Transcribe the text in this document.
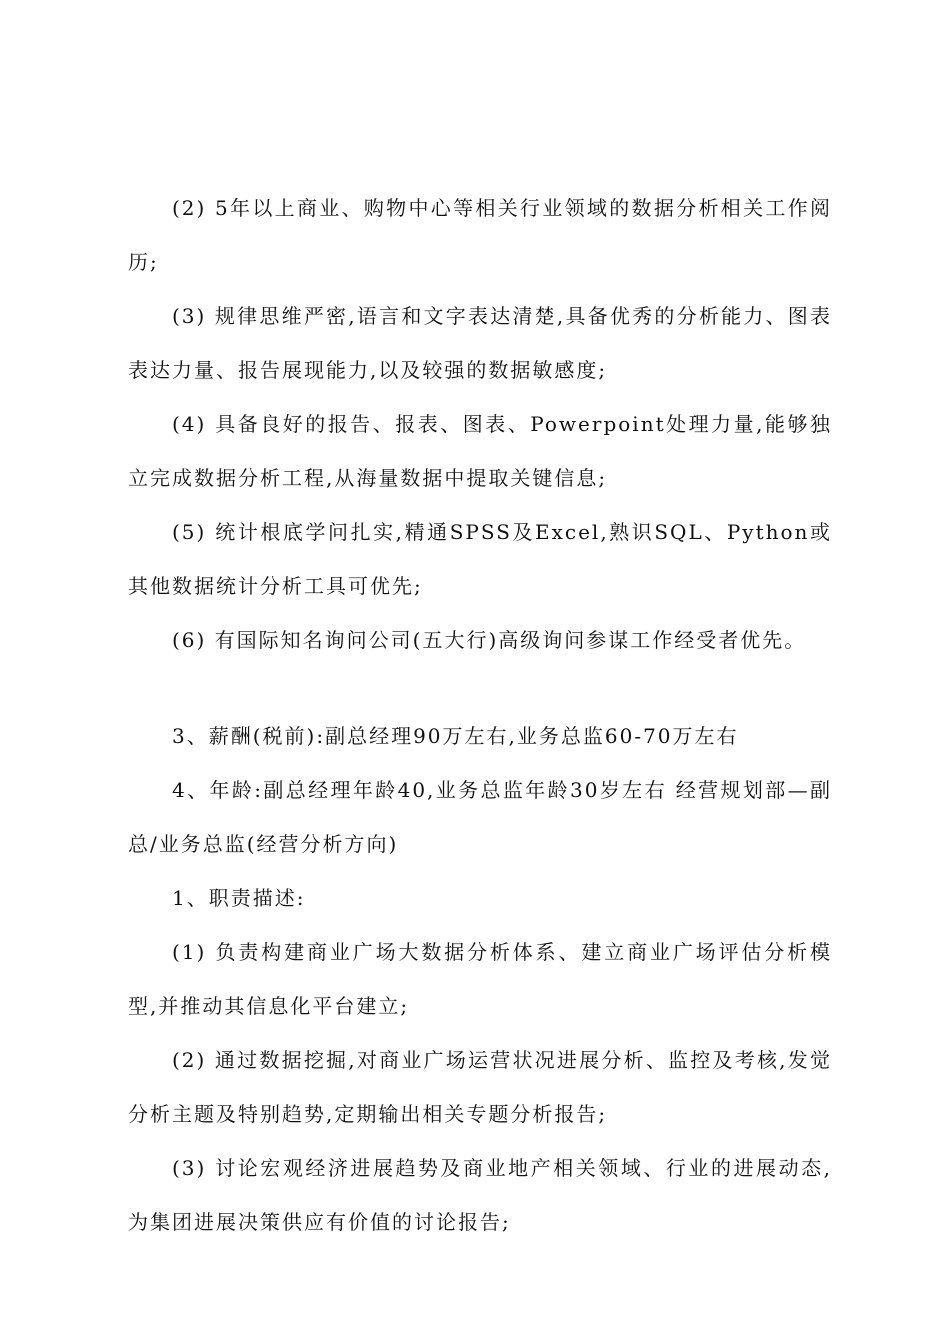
(2) 5年以上商业、购物中心等相关行业领域的数据分析相关工作阅历;

(3) 规律思维严密,语言和文字表达清楚,具备优秀的分析能力、图表表达力量、报告展现能力,以及较强的数据敏感度;

(4) 具备良好的报告、报表、图表、Powerpoint处理力量,能够独立完成数据分析工程,从海量数据中提取关键信息;

(5) 统计根底学问扎实,精通SPSS及Excel,熟识SQL、Python或其他数据统计分析工具可优先;

(6) 有国际知名询问公司(五大行)高级询问参谋工作经受者优先。

3、薪酬(税前):副总经理90万左右,业务总监60-70万左右

4、年龄:副总经理年龄40,业务总监年龄30岁左右 经营规划部—副总/业务总监(经营分析方向)

1、职责描述:

(1) 负责构建商业广场大数据分析体系、建立商业广场评估分析模型,并推动其信息化平台建立;

(2) 通过数据挖掘,对商业广场运营状况进展分析、监控及考核,发觉分析主题及特别趋势,定期输出相关专题分析报告;

(3) 讨论宏观经济进展趋势及商业地产相关领域、行业的进展动态,为集团进展决策供应有价值的讨论报告;
